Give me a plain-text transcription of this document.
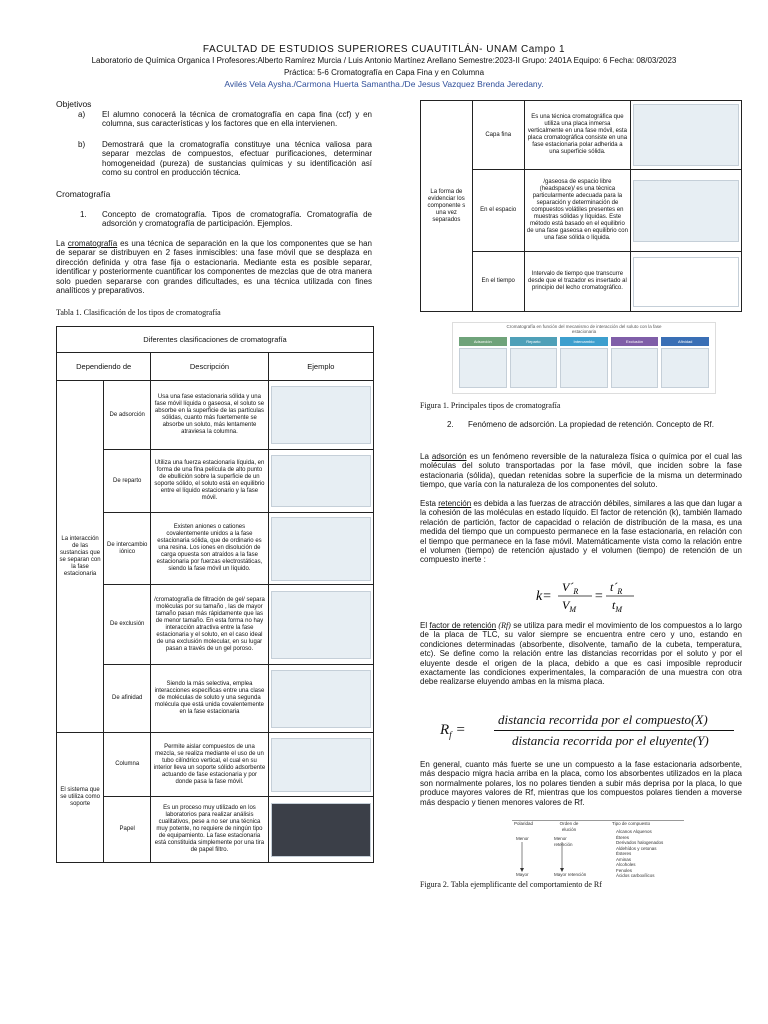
FACULTAD DE ESTUDIOS SUPERIORES CUAUTITLÁN- UNAM Campo 1
Laboratorio de Química Organica I Profesores:Alberto Ramírez Murcia / Luis Antonio Martínez Arellano Semestre:2023-II Grupo: 2401A Equipo: 6 Fecha: 08/03/2023
Práctica: 5-6 Cromatografía en Capa Fina y en Columna
Avilés Vela Aysha./Carmona Huerta Samantha./De Jesus Vazquez Brenda Jeredany.
Objetivos
a) El alumno conocerá la técnica de cromatografía en capa fina (ccf) y en columna, sus características y los factores que en ella intervienen.
b) Demostrará que la cromatografía constituye una técnica valiosa para separar mezclas de compuestos, efectuar purificaciones, determinar homogeneidad (pureza) de sustancias químicas y su identificación así como su control en producción técnica.
Cromatografía
1. Concepto de cromatografía. Tipos de cromatografía. Cromatografía de adsorción y cromatografía de participación. Ejemplos.
La cromatografía es una técnica de separación en la que los componentes que se han de separar se distribuyen en 2 fases inmiscibles: una fase móvil que se desplaza en dirección definida y otra fase fija o estacionaria. Mediante esta es posible separar, identificar y posteriormente cuantificar los componentes de mezclas que de otra manera solo pueden separarse con grandes dificultades, es una técnica utilizada con fines analíticos y preparativos.
Tabla 1. Clasificación de los tipos de cromatografía
Diferentes clasificaciones de cromatografía			
Dependiendo de		Descripción	Ejemplo
La interacción de las sustancias que se separan con la fase estacionaria	De adsorción	Usa una fase estacionaria sólida y una fase móvil líquida o gaseosa, el soluto se absorbe en la superficie de las partículas sólidas, cuanto más fuertemente se absorbe un soluto, más lentamente atraviesa la columna.	

	De reparto	Utiliza una fuerza estacionaria líquida, en forma de una fina película de alto punto de ebullición sobre la superficie de un soporte sólido, el soluto está en equilibrio entre el líquido estacionario y la fase móvil.	

	De intercambio iónico	Existen aniones o cationes covalentemente unidos a la fase estacionaria sólida, que de ordinario es una resina. Los iones en disolución de carga opuesta son atraídos a la fase estacionaria por fuerzas electrostáticas, siendo la fase móvil un líquido.	

	De exclusión	/cromatografía de filtración de gel/ separa moléculas por su tamaño , las de mayor tamaño pasan más rápidamente que las de menor tamaño. En esta forma no hay interacción atractiva entre la fase estacionaria y el soluto, en el caso ideal de una exclusión molecular, en su lugar pasan a través de un gel poroso.	

	De afinidad	Siendo la más selectiva, emplea interacciones específicas entre una clase de moléculas de soluto y una segunda molécula que está unida covalentemente en la fase estacionaria	

El sistema que se utiliza como soporte	Columna	Permite aislar compuestos de una mezcla, se realiza mediante el uso de un tubo cilíndrico vertical, el cual en su interior lleva un soporte sólido adsorbente actuando de fase estacionaria y por donde pasa la fase móvil.	

	Papel	Es un proceso muy utilizado en los laboratorios para realizar análisis cualitativos, pese a no ser una técnica muy potente, no requiere de ningún tipo de equipamiento. La fase estacionaria está constituida simplemente por una tira de papel filtro.	
La forma de evidenciar los componente s una vez separados	Capa fina	Es una técnica cromatográfica que utiliza una placa inmersa verticalmente en una fase móvil, esta placa cromatográfica consiste en una fase estacionaria polar adherida a una superficie sólida.	

	En el espacio	/gaseosa de espacio libre (headspace)/ es una técnica particularmente adecuada para la separación y determinación de compuestos volátiles presentes en muestras sólidas y líquidas. Este método está basado en el equilibrio de una fase gaseosa en equilibrio con una fase sólida o líquida.	

	En el tiempo	Intervalo de tiempo que transcurre desde que el trazador es insertado al principio del lecho cromatográfico.	
Cromatografía en función del mecanismo de interacción del soluto con la fase estacionaria
Adsorción	Reparto	Intercambio	Exclusión	Afinidad
Figura 1. Principales tipos de cromatografía
2. Fenómeno de adsorción. La propiedad de retención. Concepto de Rf.
La adsorción es un fenómeno reversible de la naturaleza física o química por el cual las moléculas del soluto transportadas por la fase móvil, que inciden sobre la fase estacionaria (sólida), quedan retenidas sobre la superficie de la misma un determinado tiempo, que varía con la naturaleza de los componentes del soluto.
Esta retención es debida a las fuerzas de atracción débiles, similares a las que dan lugar a la cohesión de las moléculas en estado líquido. El factor de retención (k), también llamado relación de partición, factor de capacidad o relación de distribución de la masa, es una medida del tiempo que un compuesto permanece en la fase estacionaria, en relación con el tiempo que permanece en la fase móvil. Matemáticamente vista como la relación entre el volumen (tiempo) de retención ajustado y el volumen (tiempo) de retención de un compuesto inerte :
k=
$V´_R$
$V_M$
=
$t´_R$
$t_M$
El factor de retención (Rf) se utiliza para medir el movimiento de los compuestos a lo largo de la placa de TLC, su valor siempre se encuentra entre cero y uno, estando en condiciones determinadas (absorbente, disolvente, tamaño de la cubeta, temperatura, etc). Se define como la relación entre las distancias recorridas por el soluto y por el eluyente desde el origen de la placa, debido a que es casi imposible reproducir exactamente las condiciones experimentales, la comparación de una muestra con otra debe realizarse eluyendo ambas en la misma placa.
$R_f$ =
distancia recorrida por el compuesto(X)
distancia recorrida por el eluyente(Y)
En general, cuanto más fuerte se une un compuesto a la fase estacionaria adsorbente, más despacio migra hacia arriba en la placa, como los absorbentes utilizados en la placa son normalmente polares, los no polares tienden a subir más deprisa por la placa, lo que produce mayores valores de Rf, mientras que los compuestos polares tienden a moverse más despacio y tienen menores valores de Rf.
Polaridad	Orden de elución
Tipo de compuesto
Menor
Mayor
Menor retención
Mayor retención
Alcanos Alquenos
Éteres
Derivados halogenados
Aldehídos y cetonas
Ésteres
Aminas
Alcoholes
Fenoles
Ácidos carboxílicos
Figura 2. Tabla ejemplificante del comportamiento de Rf
